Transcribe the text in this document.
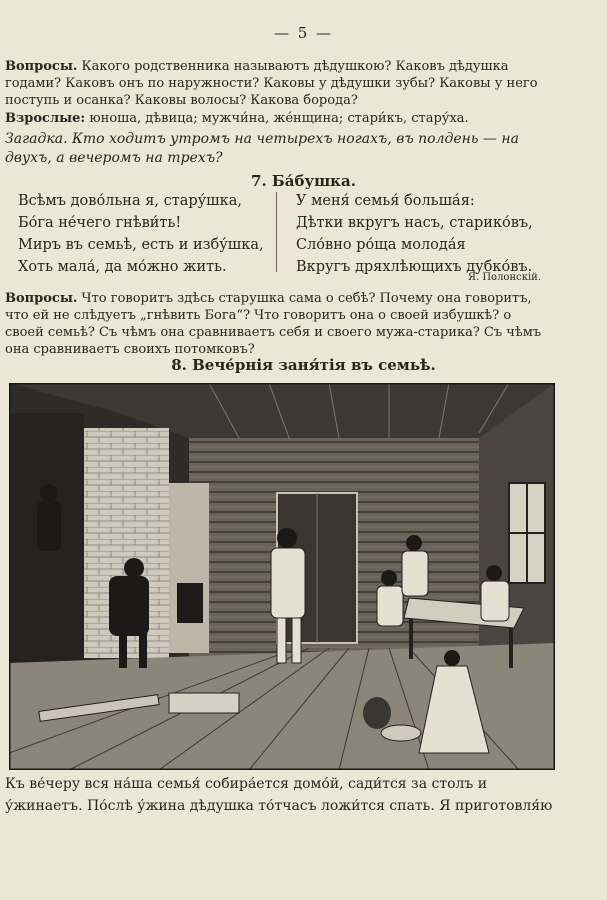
— 5 —
Вопросы. Какого родственника называютъ дѣдушкою? Каковъ дѣдушка годами? Каковъ онъ по наружности? Каковы у дѣдушки зубы? Каковы у него поступь и осанка? Каковы волосы? Какова борода?
Взрослые: юноша, дѣвица; мужчи́на, же́нщина; стари́къ, стару́ха.
Загадка. Кто ходитъ утромъ на четырехъ ногахъ, въ полдень — на двухъ, а вечеромъ на трехъ?
7. Ба́бушка.
Всѣмъ дово́льна я, стару́шка,
Бо́га не́чего гнѣви́ть!
Миръ въ семьѣ, есть и избу́шка,
Хоть мала́, да мо́жно жить.
У меня́ семья́ больша́я:
Дѣтки вкругъ насъ, старико́въ,
Сло́вно ро́ща молода́я
Вкругъ дряхлѣющихъ дубко́въ.
Я. Полонскій.
Вопросы. Что говоритъ здѣсь старушка сама о себѣ? Почему она говоритъ, что ей не слѣдуетъ „гнѣвить Бога“? Что говоритъ она о своей избушкѣ? о своей семьѣ? Съ чѣмъ она сравниваетъ себя и своего мужа-старика? Съ чѣмъ она сравниваетъ своихъ потомковъ?
8. Вече́рнія заня́тія въ семьѣ.
Къ ве́черу вся на́ша семья́ собира́ется домо́й, сади́тся за столъ и у́жинаетъ. По́слѣ у́жина дѣдушка то́тчасъ ложи́тся спать. Я приготовля́ю
